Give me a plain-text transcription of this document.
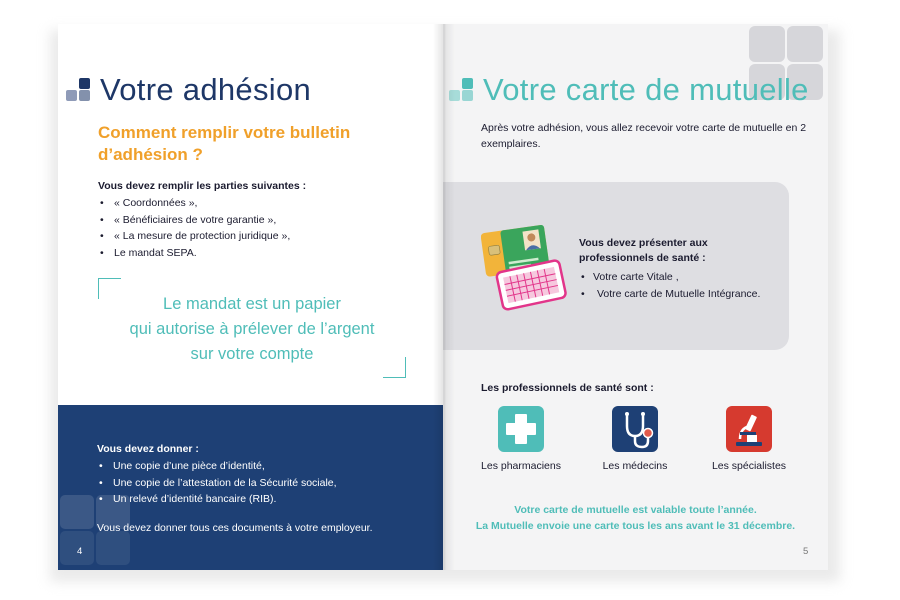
Votre adhésion
Comment remplir votre bulletin d’adhésion ?
Vous devez remplir les parties suivantes :
• « Coordonnées »,
• « Bénéficiaires de votre garantie »,
• « La mesure de protection juridique »,
• Le mandat SEPA.
Le mandat est un papier
qui autorise à prélever de l’argent
sur votre compte
Vous devez donner :
• Une copie d’une pièce d’identité,
• Une copie de l’attestation de la Sécurité sociale,
• Un relevé d’identité bancaire (RIB).
Vous devez donner tous ces documents à votre employeur.
4
Votre carte de mutuelle
Après votre adhésion, vous allez recevoir votre carte de mutuelle en 2 exemplaires.
Vous devez présenter aux professionnels de santé :
• Votre carte Vitale ,
• Votre carte de Mutuelle Intégrance.
Les professionnels de santé sont :
Les pharmaciens	Les médecins	Les spécialistes
Votre carte de mutuelle est valable toute l’année.
La Mutuelle envoie une carte tous les ans avant le 31 décembre.
5
